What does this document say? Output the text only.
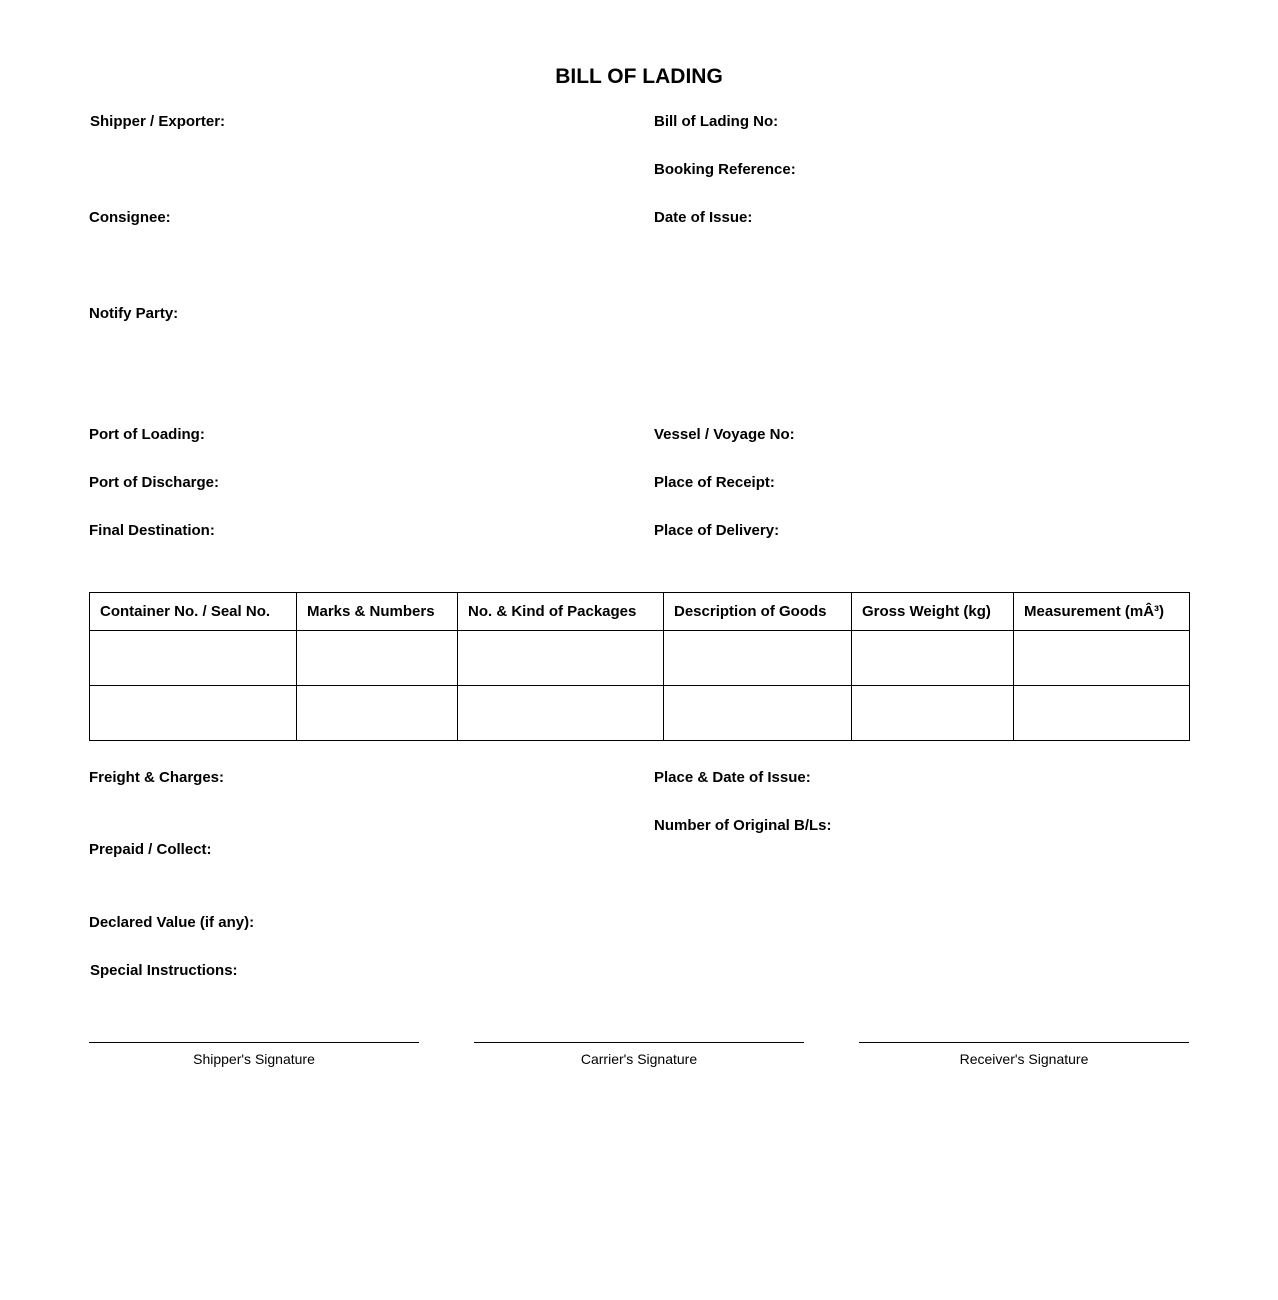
BILL OF LADING
Shipper / Exporter:
Consignee:
Notify Party:
Bill of Lading No:
Booking Reference:
Date of Issue:
Port of Loading:
Port of Discharge:
Final Destination:
Vessel / Voyage No:
Place of Receipt:
Place of Delivery:
Container No. / Seal No.	Marks & Numbers	No. & Kind of Packages	Description of Goods	Gross Weight (kg)	Measurement (mÂ³)

Freight & Charges:
Prepaid / Collect:
Declared Value (if any):
Special Instructions:
Place & Date of Issue:
Number of Original B/Ls:
Shipper's Signature	Carrier's Signature	Receiver's Signature
